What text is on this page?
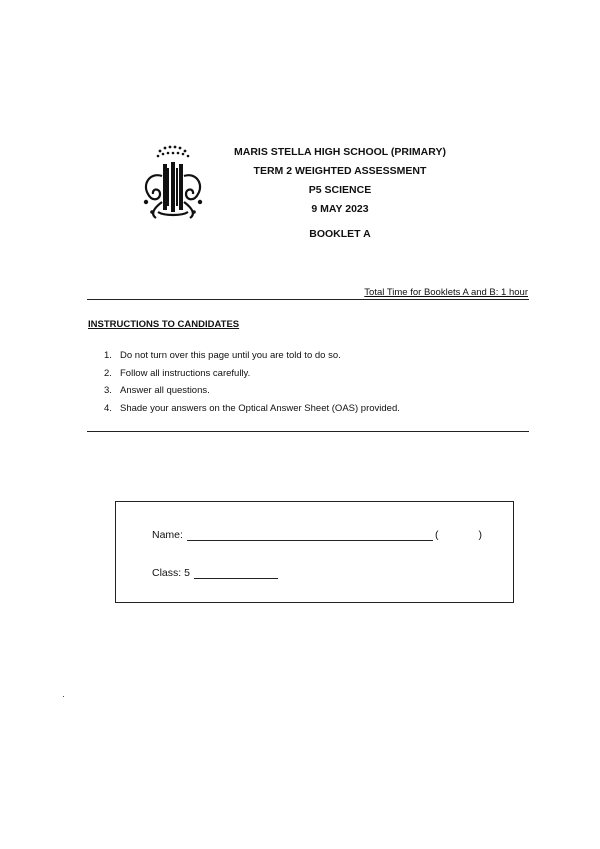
MARIS STELLA HIGH SCHOOL (PRIMARY)
TERM 2 WEIGHTED ASSESSMENT
P5 SCIENCE
9 MAY 2023
BOOKLET A
Total Time for Booklets A and B: 1 hour
INSTRUCTIONS TO CANDIDATES
1. Do not turn over this page until you are told to do so.
2. Follow all instructions carefully.
3. Answer all questions.
4. Shade your answers on the Optical Answer Sheet (OAS) provided.
Name:	(	)
Class: 5
